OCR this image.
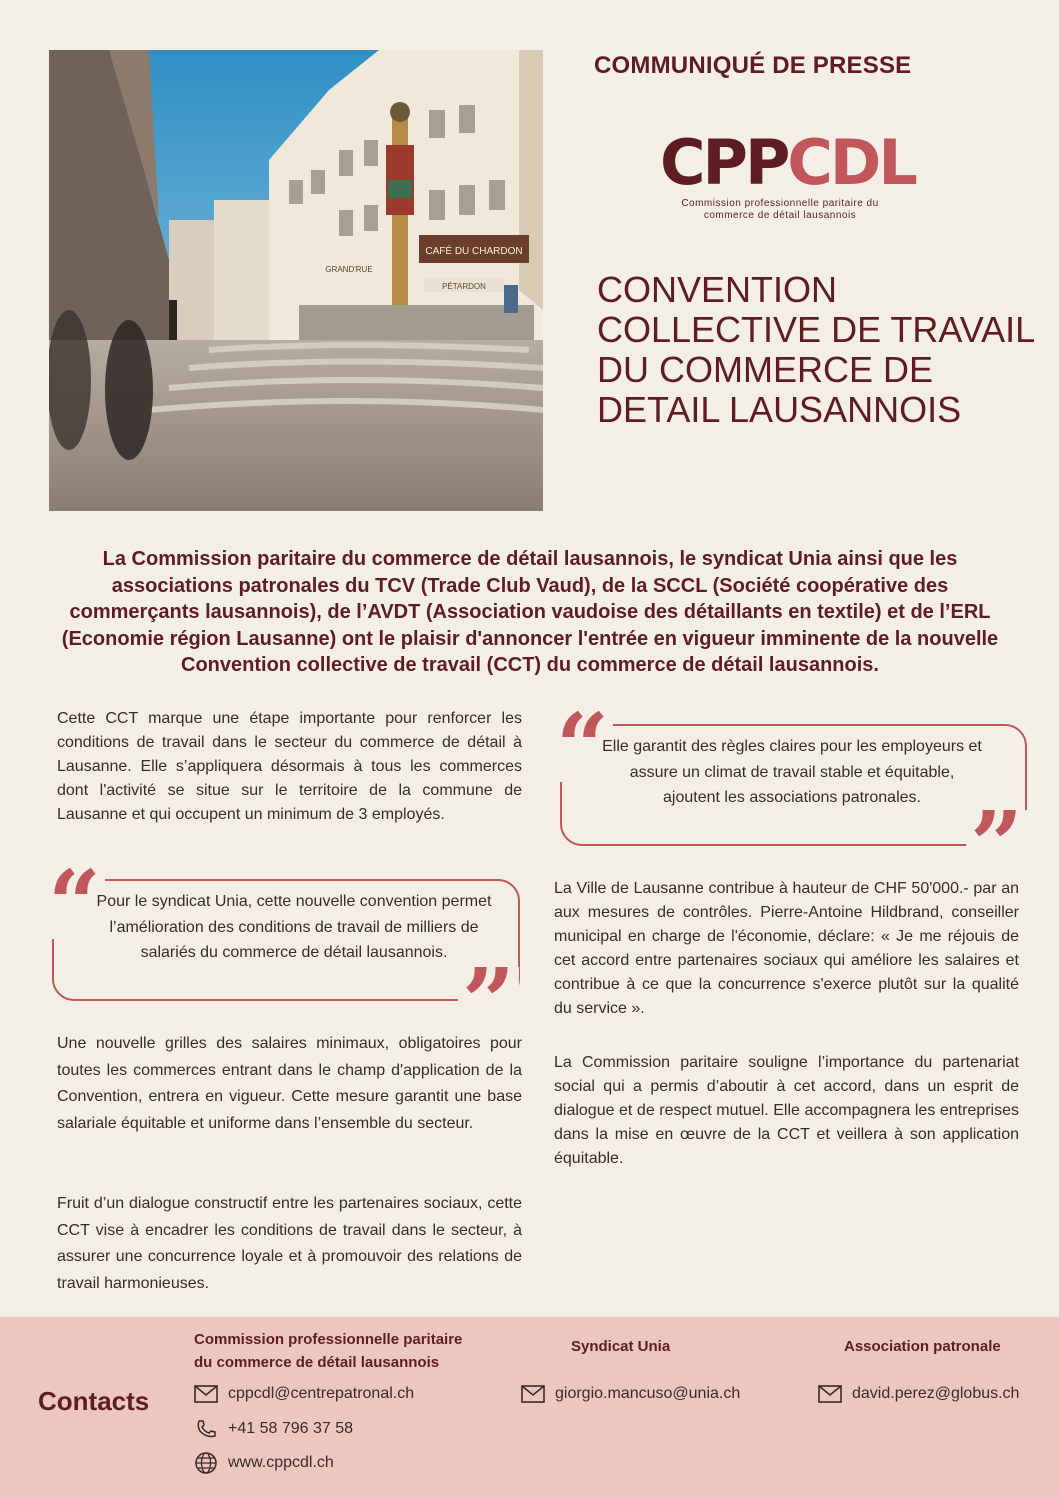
CAFÉ DU CHARDON
PÉTARDON
GRAND'RUE
COMMUNIQUÉ DE PRESSE
CPPCDL
Commission professionnelle paritaire du
commerce de détail lausannois
CONVENTION
COLLECTIVE DE TRAVAIL
DU COMMERCE DE
DETAIL LAUSANNOIS
La Commission paritaire du commerce de détail lausannois, le syndicat Unia ainsi que les associations patronales du TCV (Trade Club Vaud), de la SCCL (Société coopérative des commerçants lausannois), de l’AVDT (Association vaudoise des détaillants en textile) et de l’ERL (Economie région Lausanne) ont le plaisir d'annoncer l'entrée en vigueur imminente de la nouvelle Convention collective de travail (CCT) du commerce de détail lausannois.
Cette CCT marque une étape importante pour renforcer les conditions de travail dans le secteur du commerce de détail à Lausanne. Elle s’appliquera désormais à tous les commerces dont l'activité se situe sur le territoire de la commune de Lausanne et qui occupent un minimum de 3 employés.
“
Pour le syndicat Unia, cette nouvelle convention permet l’amélioration des conditions de travail de milliers de salariés du commerce de détail lausannois. ”
Une nouvelle grilles des salaires minimaux, obligatoires pour toutes les commerces entrant dans le champ d'application de la Convention, entrera en vigueur. Cette mesure garantit une base salariale équitable et uniforme dans l’ensemble du secteur.
Fruit d’un dialogue constructif entre les partenaires sociaux, cette CCT vise à encadrer les conditions de travail dans le secteur, à assurer une concurrence loyale et à promouvoir des relations de travail harmonieuses.
“
Elle garantit des règles claires pour les employeurs et assure un climat de travail stable et équitable, ajoutent les associations patronales. ”
La Ville de Lausanne contribue à hauteur de CHF 50'000.- par an aux mesures de contrôles. Pierre-Antoine Hildbrand, conseiller municipal en charge de l'économie, déclare: « Je me réjouis de cet accord entre partenaires sociaux qui améliore les salaires et contribue à ce que la concurrence s'exerce plutôt sur la qualité du service ».
La Commission paritaire souligne l’importance du partenariat social qui a permis d’aboutir à cet accord, dans un esprit de dialogue et de respect mutuel. Elle accompagnera les entreprises dans la mise en œuvre de la CCT et veillera à son application équitable.
Contacts
Commission professionnelle paritaire
du commerce de détail lausannois
Syndicat Unia	Association patronale
cppcdl@centrepatronal.ch
+41 58 796 37 58
www.cppcdl.ch
giorgio.mancuso@unia.ch	david.perez@globus.ch
